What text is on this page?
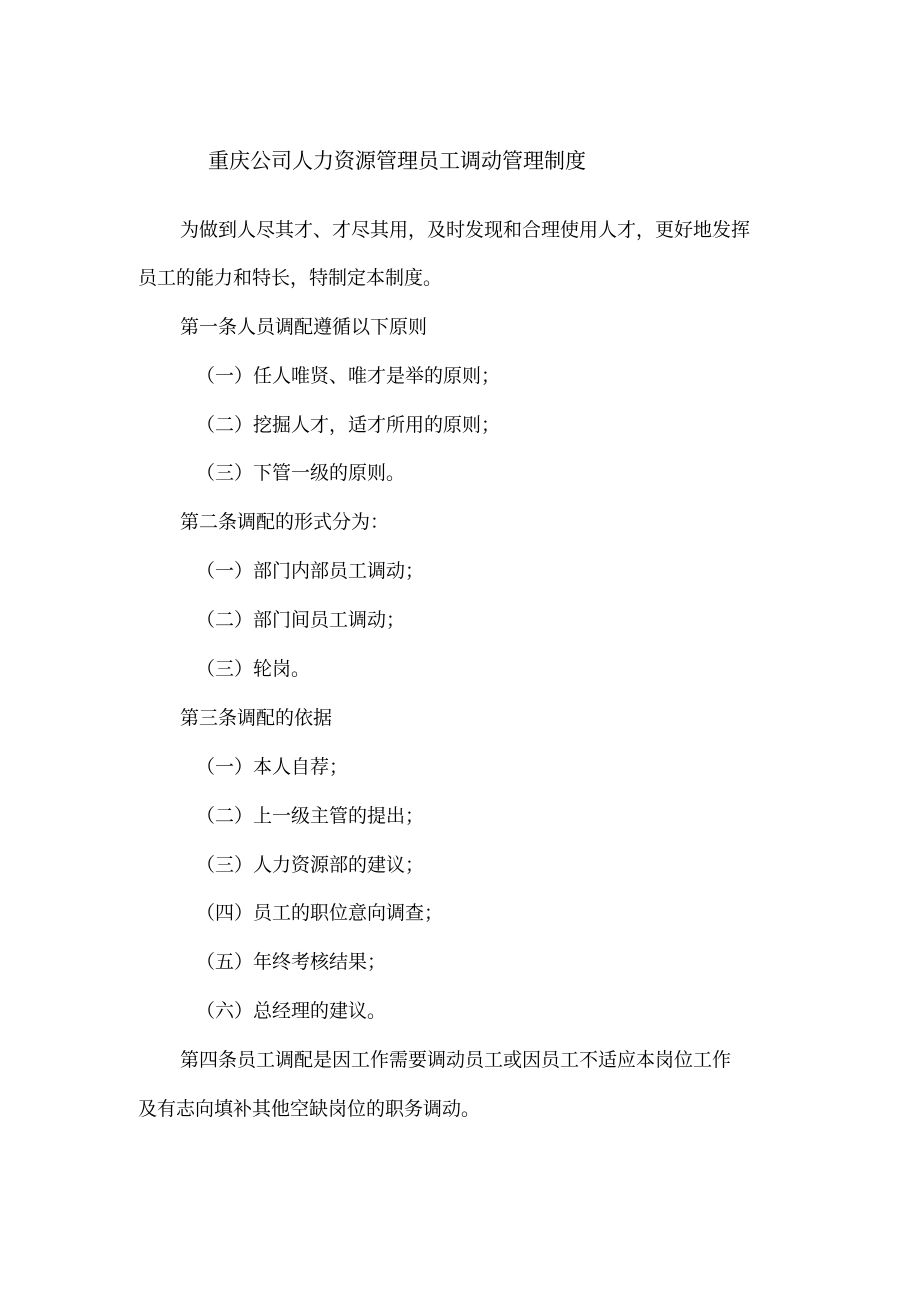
重庆公司人力资源管理员工调动管理制度
为做到人尽其才、才尽其用，及时发现和合理使用人才，更好地发挥
员工的能力和特长，特制定本制度。
第一条人员调配遵循以下原则
（一）任人唯贤、唯才是举的原则；
（二）挖掘人才，适才所用的原则；
（三）下管一级的原则。
第二条调配的形式分为：
（一）部门内部员工调动；
（二）部门间员工调动；
（三）轮岗。
第三条调配的依据
（一）本人自荐；
（二）上一级主管的提出；
（三）人力资源部的建议；
（四）员工的职位意向调查；
（五）年终考核结果；
（六）总经理的建议。
第四条员工调配是因工作需要调动员工或因员工不适应本岗位工作
及有志向填补其他空缺岗位的职务调动。
